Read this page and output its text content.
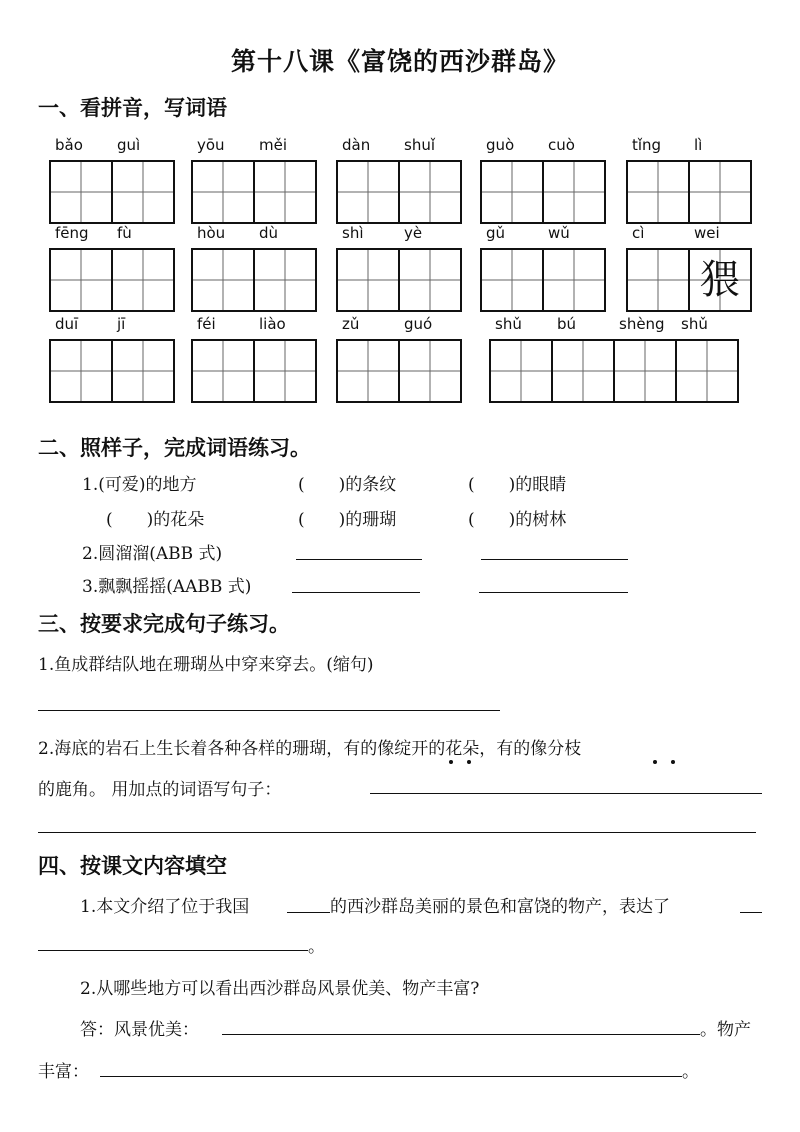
第十八课《富饶的西沙群岛》
一、看拼音，写词语
bǎo guì	yōu měi	dàn shuǐ	guò cuò	tǐng lì
fēng fù	hòu dù	shì	yè	gǔ	wǔ	cì	wei
猥
duī	jī	féi	liào	zǔ	guó	shǔ bú	shèng shǔ
二、照样子，完成词语练习。
1.(可爱)的地方	(　　)的条纹	(　　)的眼睛
(　　)的花朵	(　　)的珊瑚	(　　)的树林
2.圆溜溜(ABB 式)
3.飘飘摇摇(AABB 式)
三、按要求完成句子练习。
1.鱼成群结队地在珊瑚丛中穿来穿去。(缩句)
2.海底的岩石上生长着各种各样的珊瑚，有的像绽开的花朵，有的像分枝
的鹿角。 用加点的词语写句子：
四、按课文内容填空
1.本文介绍了位于我国	的西沙群岛美丽的景色和富饶的物产，表达了
。
2.从哪些地方可以看出西沙群岛风景优美、物产丰富?
答：风景优美：	。物产
丰富：	。
